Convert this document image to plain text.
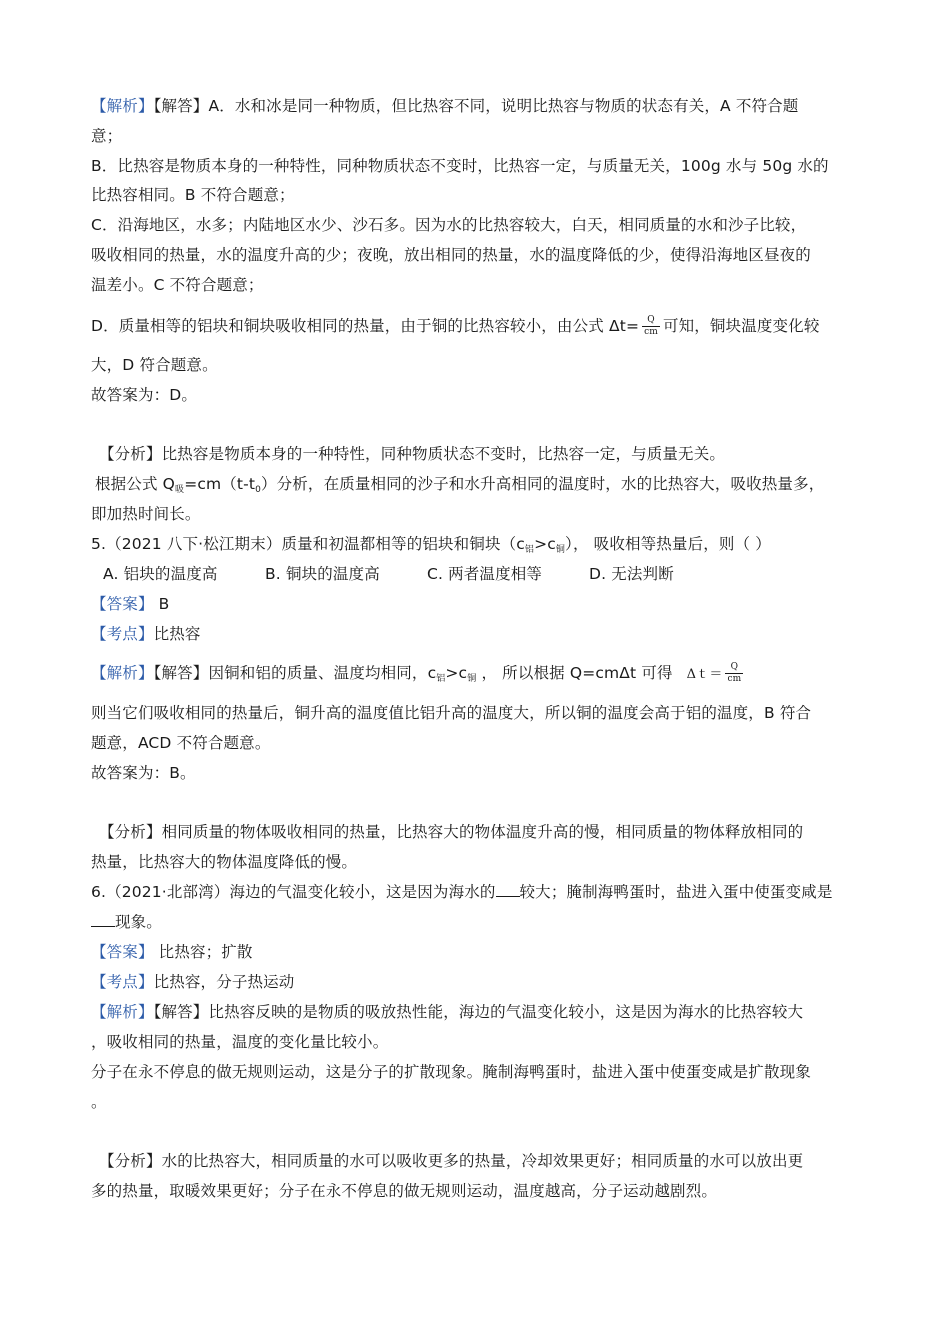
【解析】【解答】A．水和冰是同一种物质，但比热容不同，说明比热容与物质的状态有关，A 不符合题
意；
B．比热容是物质本身的一种特性，同种物质状态不变时，比热容一定，与质量无关，100g 水与 50g 水的
比热容相同。B 不符合题意；
C．沿海地区，水多；内陆地区水少、沙石多。因为水的比热容较大，白天，相同质量的水和沙子比较，
吸收相同的热量，水的温度升高的少；夜晚，放出相同的热量，水的温度降低的少，使得沿海地区昼夜的
温差小。C 不符合题意；
D．质量相等的铝块和铜块吸收相同的热量，由于铜的比热容较小，由公式 $\Delta t= \frac{Q}{cm}$ 可知，铜块温度变化较
大，D 符合题意。
故答案为：D。
【分析】比热容是物质本身的一种特性，同种物质状态不变时，比热容一定，与质量无关。
根据公式 Q吸=cm（t-t0）分析，在质量相同的沙子和水升高相同的温度时，水的比热容大，吸收热量多，
即加热时间长。
5.（2021 八下·松江期末）质量和初温都相等的铝块和铜块（c铝>c铜）， 吸收相等热量后，则（ ）
A. 铝块的温度高	B. 铜块的温度高	C. 两者温度相等	D. 无法判断
【答案】 B
【考点】比热容
【解析】【解答】因铜和铝的质量、温度均相同，c铝>c铜 ， 所以根据 Q=cmΔt 可得 Δｔ＝ $\frac{Q}{cm}$
则当它们吸收相同的热量后，铜升高的温度值比铝升高的温度大，所以铜的温度会高于铝的温度，B 符合
题意，ACD 不符合题意。
故答案为：B。
【分析】相同质量的物体吸收相同的热量，比热容大的物体温度升高的慢，相同质量的物体释放相同的
热量，比热容大的物体温度降低的慢。
6.（2021·北部湾）海边的气温变化较小，这是因为海水的 较大；腌制海鸭蛋时，盐进入蛋中使蛋变咸是
现象。
【答案】 比热容；扩散
【考点】比热容，分子热运动
【解析】【解答】比热容反映的是物质的吸放热性能，海边的气温变化较小，这是因为海水的比热容较大
，吸收相同的热量，温度的变化量比较小。
分子在永不停息的做无规则运动，这是分子的扩散现象。腌制海鸭蛋时，盐进入蛋中使蛋变咸是扩散现象
。
【分析】水的比热容大，相同质量的水可以吸收更多的热量，冷却效果更好；相同质量的水可以放出更
多的热量，取暖效果更好；分子在永不停息的做无规则运动，温度越高，分子运动越剧烈。
